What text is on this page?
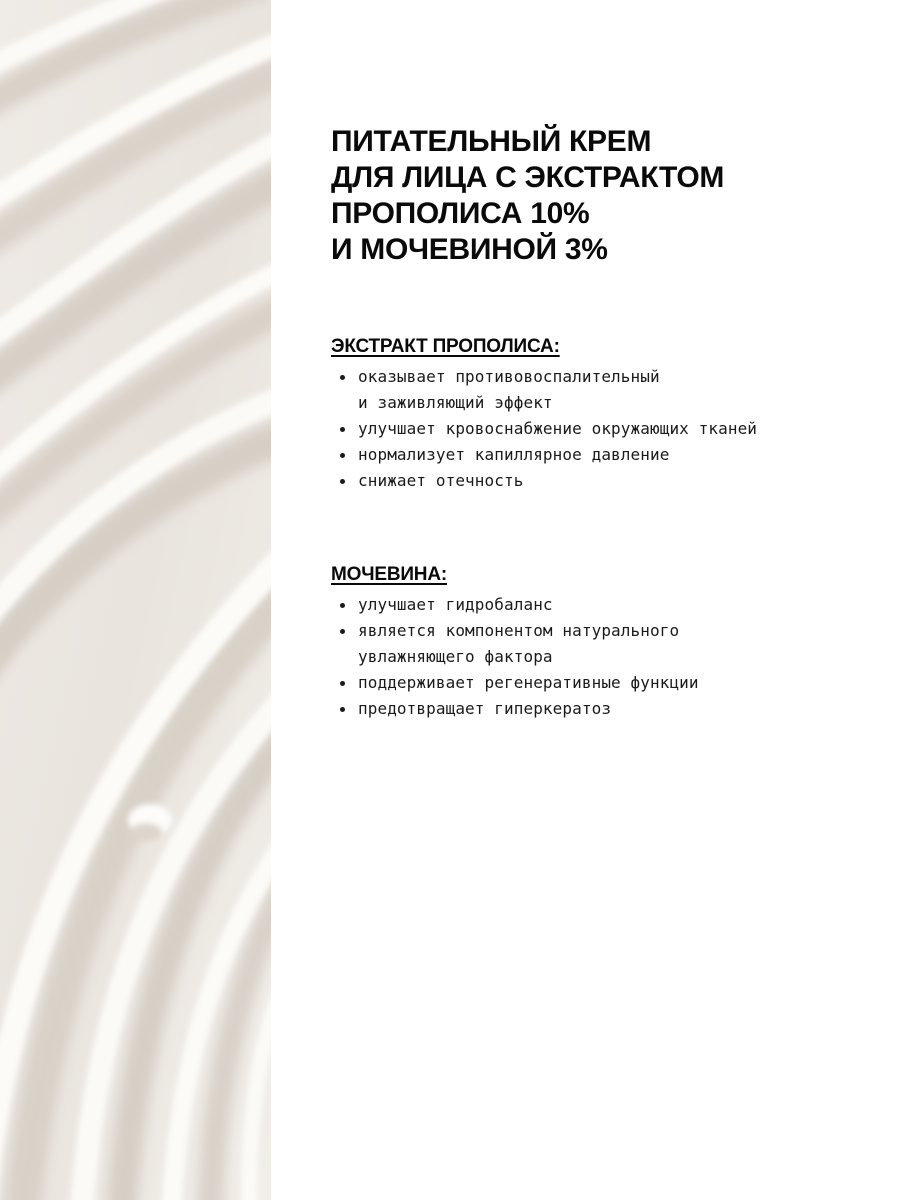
ПИТАТЕЛЬНЫЙ КРЕМ
ДЛЯ ЛИЦА С ЭКСТРАКТОМ
ПРОПОЛИСА 10%
И МОЧЕВИНОЙ 3%
ЭКСТРАКТ ПРОПОЛИСА:
оказывает противовоспалительный
и заживляющий эффект
улучшает кровоснабжение окружающих тканей
нормализует капиллярное давление
снижает отечность
МОЧЕВИНА:
улучшает гидробаланс
является компонентом натурального увлажняющего фактора
поддерживает регенеративные функции
предотвращает гиперкератоз
